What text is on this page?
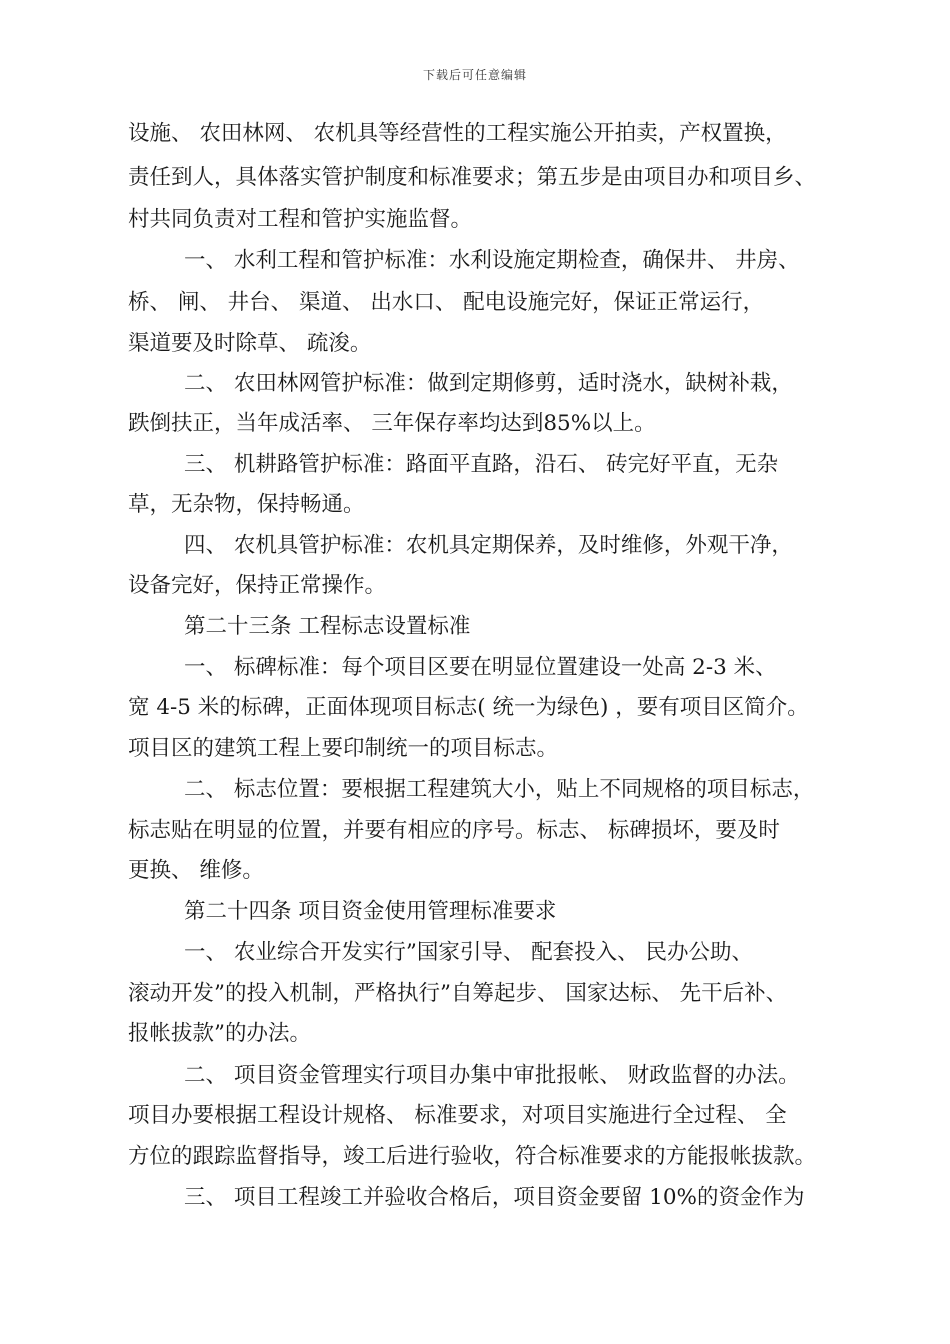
下载后可任意编辑
设施、 农田林网、 农机具等经营性的工程实施公开拍卖，产权置换，
责任到人，具体落实管护制度和标准要求；第五步是由项目办和项目乡、
村共同负责对工程和管护实施监督。
一、 水利工程和管护标准：水利设施定期检查，确保井、 井房、
桥、 闸、 井台、 渠道、 出水口、 配电设施完好，保证正常运行，
渠道要及时除草、 疏浚。
二、 农田林网管护标准：做到定期修剪，适时浇水，缺树补栽，
跌倒扶正，当年成活率、 三年保存率均达到85%以上。
三、 机耕路管护标准：路面平直路，沿石、 砖完好平直，无杂
草，无杂物，保持畅通。
四、 农机具管护标准：农机具定期保养，及时维修，外观干净，
设备完好，保持正常操作。
第二十三条 工程标志设置标准
一、 标碑标准：每个项目区要在明显位置建设一处高 2-3 米、
宽 4-5 米的标碑，正面体现项目标志( 统一为绿色) ，要有项目区简介。
项目区的建筑工程上要印制统一的项目标志。
二、 标志位置：要根据工程建筑大小，贴上不同规格的项目标志，
标志贴在明显的位置，并要有相应的序号。标志、 标碑损坏，要及时
更换、 维修。
第二十四条 项目资金使用管理标准要求
一、 农业综合开发实行”国家引导、 配套投入、 民办公助、
滚动开发”的投入机制，严格执行”自筹起步、 国家达标、 先干后补、
报帐拔款”的办法。
二、 项目资金管理实行项目办集中审批报帐、 财政监督的办法。
项目办要根据工程设计规格、 标准要求，对项目实施进行全过程、 全
方位的跟踪监督指导，竣工后进行验收，符合标准要求的方能报帐拔款。
三、 项目工程竣工并验收合格后，项目资金要留 10%的资金作为
